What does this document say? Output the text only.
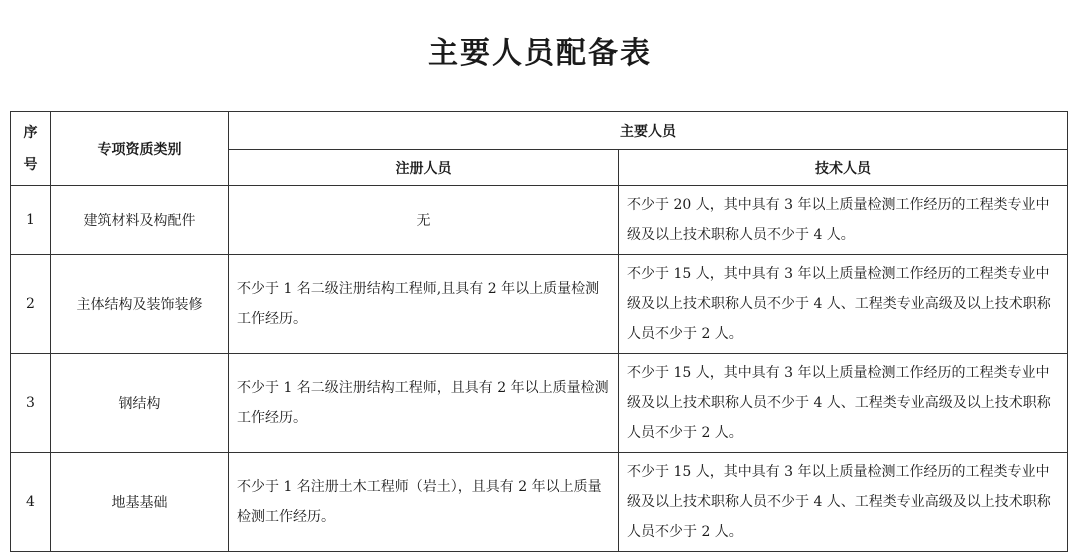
主要人员配备表
序
号	专项资质类别	主要人员	
		注册人员	技术人员
1	建筑材料及构配件	无	不少于 20 人，其中具有 3 年以上质量检测工作经历的工程类专业中级及以上技术职称人员不少于 4 人。
2	主体结构及装饰装修	不少于 1 名二级注册结构工程师,且具有 2 年以上质量检测工作经历。	不少于 15 人，其中具有 3 年以上质量检测工作经历的工程类专业中级及以上技术职称人员不少于 4 人、工程类专业高级及以上技术职称人员不少于 2 人。
3	钢结构	不少于 1 名二级注册结构工程师，且具有 2 年以上质量检测工作经历。	不少于 15 人，其中具有 3 年以上质量检测工作经历的工程类专业中级及以上技术职称人员不少于 4 人、工程类专业高级及以上技术职称人员不少于 2 人。
4	地基基础	不少于 1 名注册土木工程师（岩土），且具有 2 年以上质量检测工作经历。	不少于 15 人，其中具有 3 年以上质量检测工作经历的工程类专业中级及以上技术职称人员不少于 4 人、工程类专业高级及以上技术职称人员不少于 2 人。
